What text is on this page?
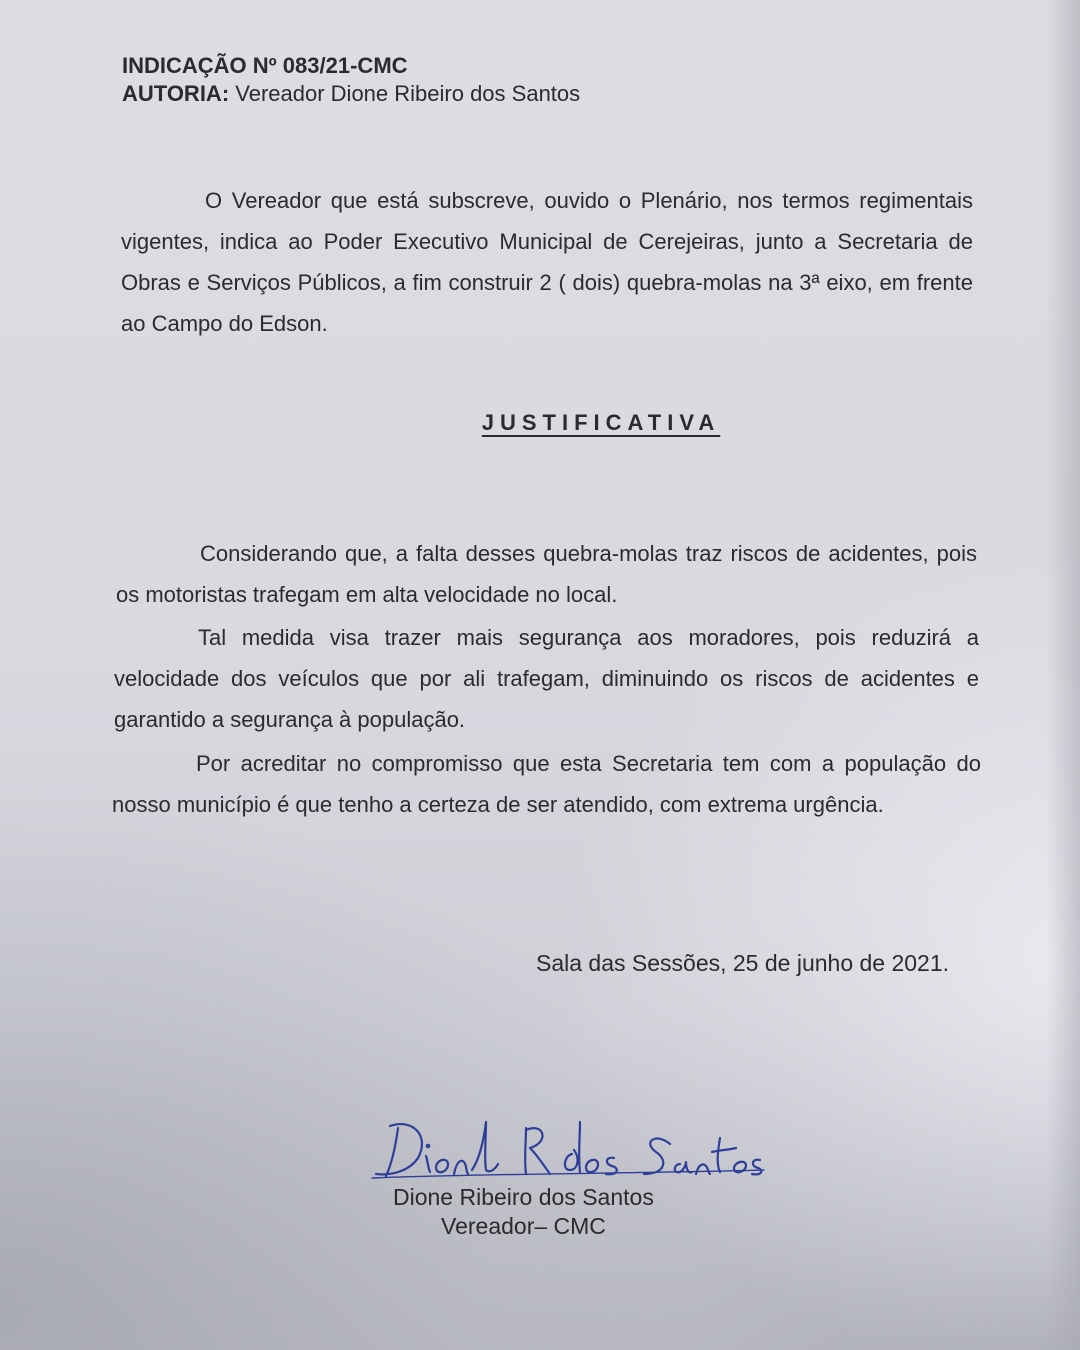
INDICAÇÃO Nº 083/21-CMC
AUTORIA: Vereador Dione Ribeiro dos Santos

O Vereador que está subscreve, ouvido o Plenário, nos termos regimentais vigentes, indica ao Poder Executivo Municipal de Cerejeiras, junto a Secretaria de Obras e Serviços Públicos, a fim construir 2 ( dois) quebra-molas na 3ª eixo, em frente ao Campo do Edson.

JUSTIFICATIVA

Considerando que, a falta desses quebra-molas traz riscos de acidentes, pois os motoristas trafegam em alta velocidade no local.

Tal medida visa trazer mais segurança aos moradores, pois reduzirá a velocidade dos veículos que por ali trafegam, diminuindo os riscos de acidentes e garantido a segurança à população.

Por acreditar no compromisso que esta Secretaria tem com a população do nosso município é que tenho a certeza de ser atendido, com extrema urgência.

Sala das Sessões, 25 de junho de 2021.
Dione Ribeiro dos Santos
Vereador– CMC
